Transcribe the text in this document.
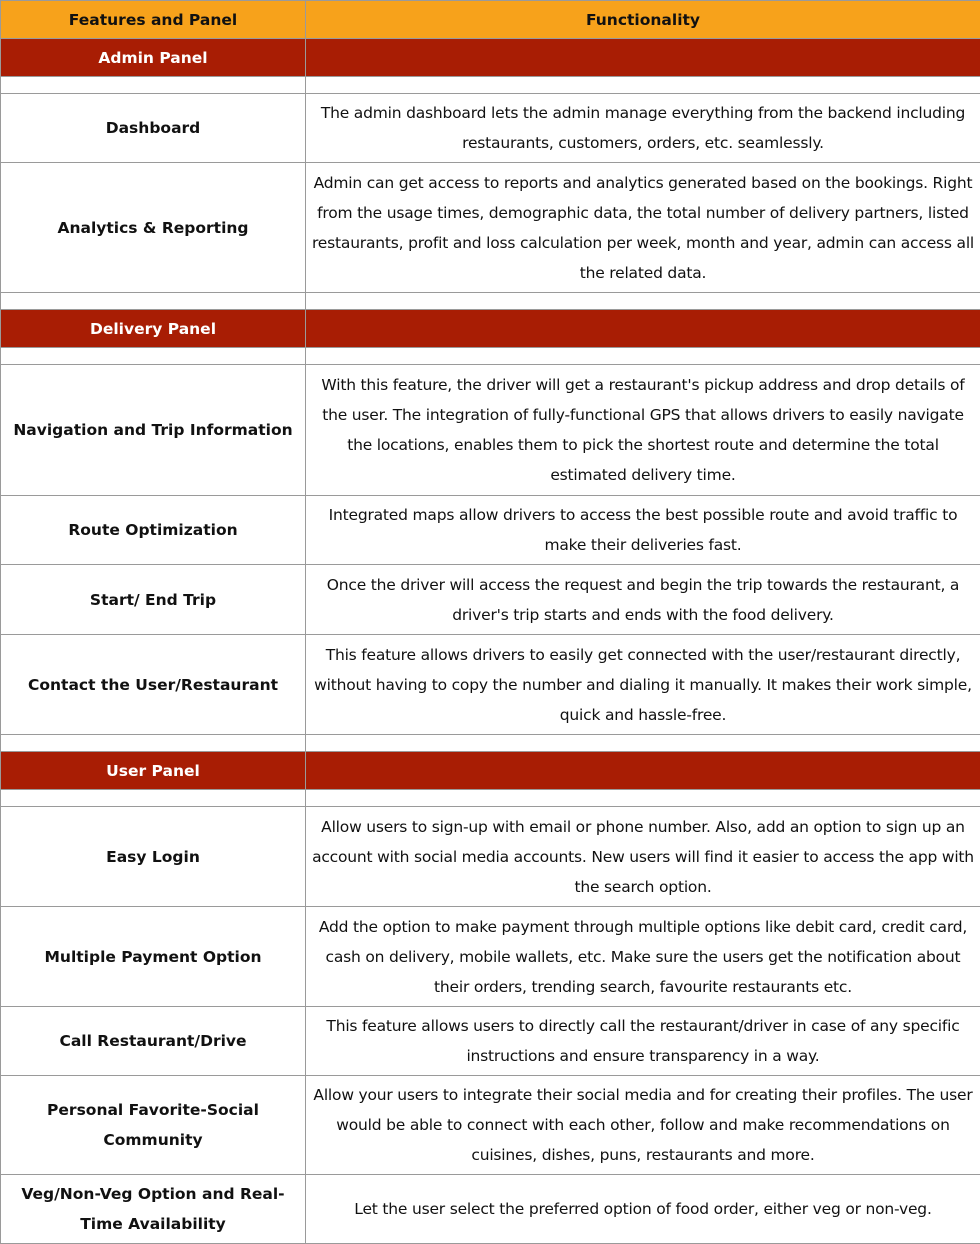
Features and Panel	Functionality
Admin Panel	

Dashboard	The admin dashboard lets the admin manage everything from the backend including restaurants, customers, orders, etc. seamlessly.
Analytics & Reporting	Admin can get access to reports and analytics generated based on the bookings. Right from the usage times, demographic data, the total number of delivery partners, listed restaurants, profit and loss calculation per week, month and year, admin can access all the related data.

Delivery Panel	

Navigation and Trip Information	With this feature, the driver will get a restaurant's pickup address and drop details of the user. The integration of fully-functional GPS that allows drivers to easily navigate the locations, enables them to pick the shortest route and determine the total estimated delivery time.
Route Optimization	Integrated maps allow drivers to access the best possible route and avoid traffic to make their deliveries fast.
Start/ End Trip	Once the driver will access the request and begin the trip towards the restaurant, a driver's trip starts and ends with the food delivery.
Contact the User/Restaurant	This feature allows drivers to easily get connected with the user/restaurant directly, without having to copy the number and dialing it manually. It makes their work simple, quick and hassle-free.

User Panel	

Easy Login	Allow users to sign-up with email or phone number. Also, add an option to sign up an account with social media accounts. New users will find it easier to access the app with the search option.
Multiple Payment Option	Add the option to make payment through multiple options like debit card, credit card, cash on delivery, mobile wallets, etc. Make sure the users get the notification about their orders, trending search, favourite restaurants etc.
Call Restaurant/Drive	This feature allows users to directly call the restaurant/driver in case of any specific instructions and ensure transparency in a way.
Personal Favorite-Social Community	Allow your users to integrate their social media and for creating their profiles. The user would be able to connect with each other, follow and make recommendations on cuisines, dishes, puns, restaurants and more.
Veg/Non-Veg Option and Real-Time Availability	Let the user select the preferred option of food order, either veg or non-veg.
